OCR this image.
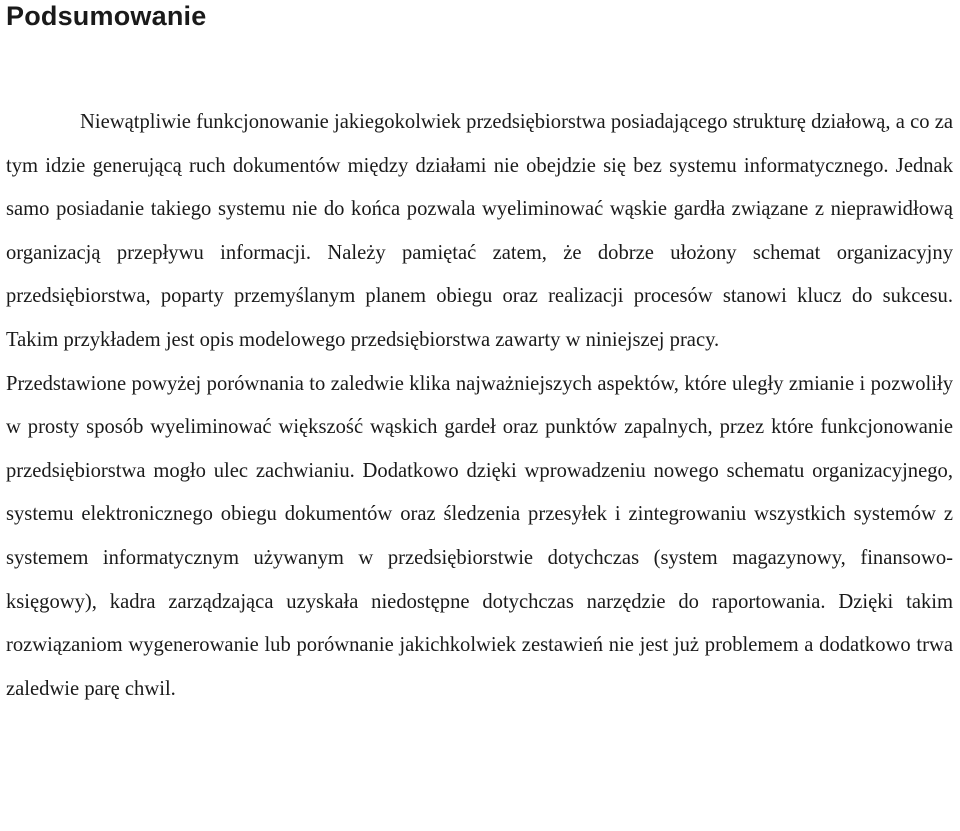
Podsumowanie

Niewątpliwie funkcjonowanie jakiegokolwiek przedsiębiorstwa posiadającego strukturę działową, a co za tym idzie generującą ruch dokumentów między działami nie obejdzie się bez systemu informatycznego. Jednak samo posiadanie takiego systemu nie do końca pozwala wyeliminować wąskie gardła związane z nieprawidłową organizacją przepływu informacji. Należy pamiętać zatem, że dobrze ułożony schemat organizacyjny przedsiębiorstwa, poparty przemyślanym planem obiegu oraz realizacji procesów stanowi klucz do sukcesu. Takim przykładem jest opis modelowego przedsiębiorstwa zawarty w niniejszej pracy.

Przedstawione powyżej porównania to zaledwie klika najważniejszych aspektów, które uległy zmianie i pozwoliły w prosty sposób wyeliminować większość wąskich gardeł oraz punktów zapalnych, przez które funkcjonowanie przedsiębiorstwa mogło ulec zachwianiu. Dodatkowo dzięki wprowadzeniu nowego schematu organizacyjnego, systemu elektronicznego obiegu dokumentów oraz śledzenia przesyłek i zintegrowaniu wszystkich systemów z systemem informatycznym używanym w przedsiębiorstwie dotychczas (system magazynowy, finansowo-księgowy), kadra zarządzająca uzyskała niedostępne dotychczas narzędzie do raportowania. Dzięki takim rozwiązaniom wygenerowanie lub porównanie jakichkolwiek zestawień nie jest już problemem a dodatkowo trwa zaledwie parę chwil.
